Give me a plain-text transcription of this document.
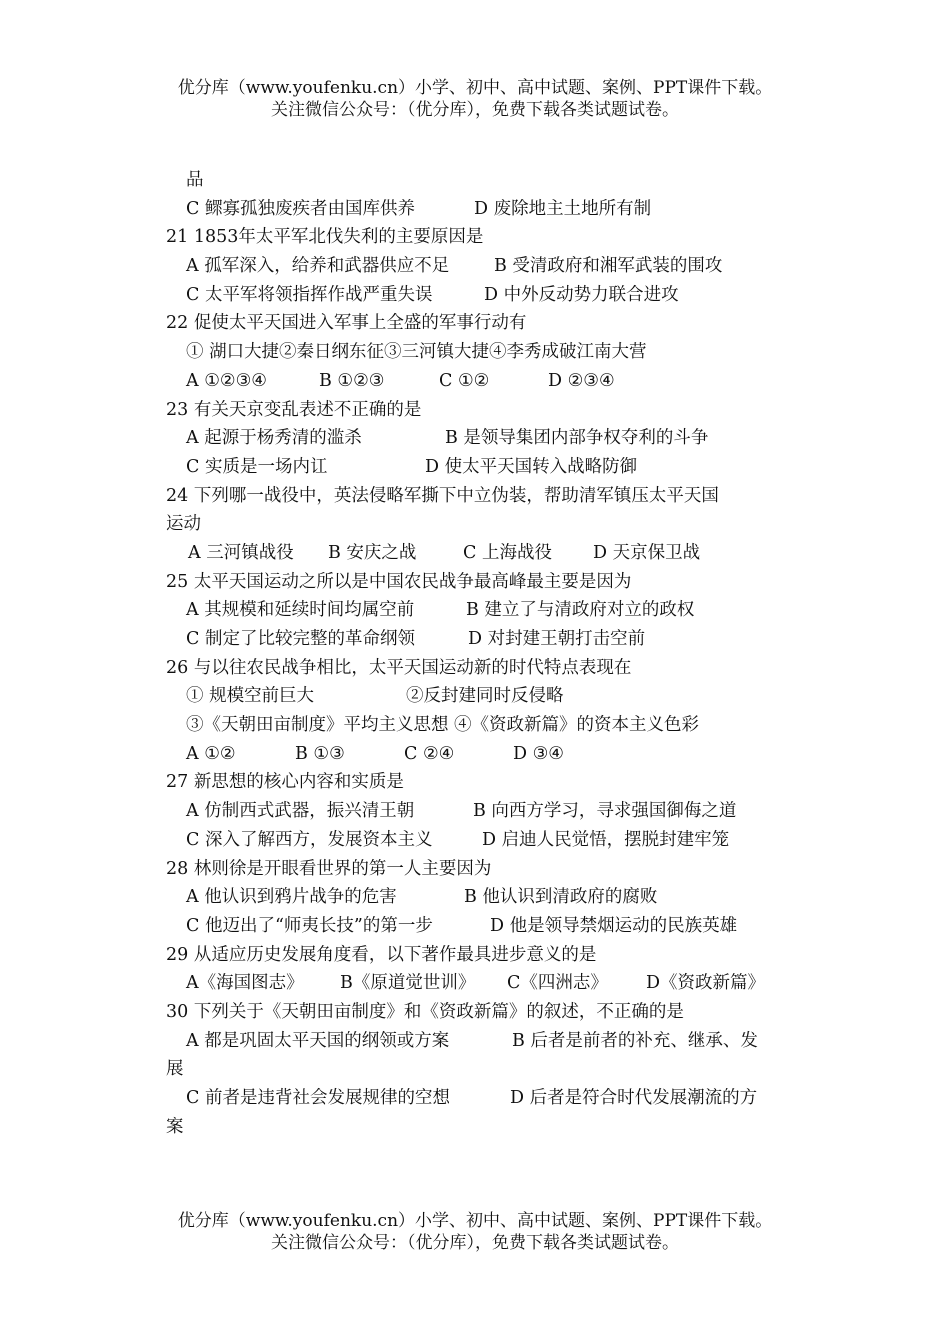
优分库（www.youfenku.cn）小学、初中、高中试题、案例、PPT课件下载。
关注微信公众号：（优分库），免费下载各类试题试卷。
品
C 鳏寡孤独废疾者由国库供养	D 废除地主土地所有制
21 1853年太平军北伐失利的主要原因是
A 孤军深入，给养和武器供应不足	B 受清政府和湘军武装的围攻
C 太平军将领指挥作战严重失误	D 中外反动势力联合进攻
22 促使太平天国进入军事上全盛的军事行动有
① 湖口大捷②秦日纲东征③三河镇大捷④李秀成破江南大营
A ①②③④	B ①②③	C ①②	D ②③④
23 有关天京变乱表述不正确的是
A 起源于杨秀清的滥杀	B 是领导集团内部争权夺利的斗争
C 实质是一场内讧	D 使太平天国转入战略防御
24 下列哪一战役中，英法侵略军撕下中立伪装，帮助清军镇压太平天国
运动
A 三河镇战役	B 安庆之战	C 上海战役	D 天京保卫战
25 太平天国运动之所以是中国农民战争最高峰最主要是因为
A 其规模和延续时间均属空前	B 建立了与清政府对立的政权
C 制定了比较完整的革命纲领	D 对封建王朝打击空前
26 与以往农民战争相比，太平天国运动新的时代特点表现在
① 规模空前巨大	②反封建同时反侵略
③《天朝田亩制度》平均主义思想 ④《资政新篇》的资本主义色彩
A ①②	B ①③	C ②④	D ③④
27 新思想的核心内容和实质是
A 仿制西式武器，振兴清王朝	B 向西方学习，寻求强国御侮之道
C 深入了解西方，发展资本主义	D 启迪人民觉悟，摆脱封建牢笼
28 林则徐是开眼看世界的第一人主要因为
A 他认识到鸦片战争的危害	B 他认识到清政府的腐败
C 他迈出了“师夷长技”的第一步	D 他是领导禁烟运动的民族英雄
29 从适应历史发展角度看，以下著作最具进步意义的是
A《海国图志》	B《原道觉世训》	C《四洲志》	D《资政新篇》
30 下列关于《天朝田亩制度》和《资政新篇》的叙述，不正确的是
A 都是巩固太平天国的纲领或方案	B 后者是前者的补充、继承、发
展
C 前者是违背社会发展规律的空想	D 后者是符合时代发展潮流的方
案
优分库（www.youfenku.cn）小学、初中、高中试题、案例、PPT课件下载。
关注微信公众号：（优分库），免费下载各类试题试卷。
